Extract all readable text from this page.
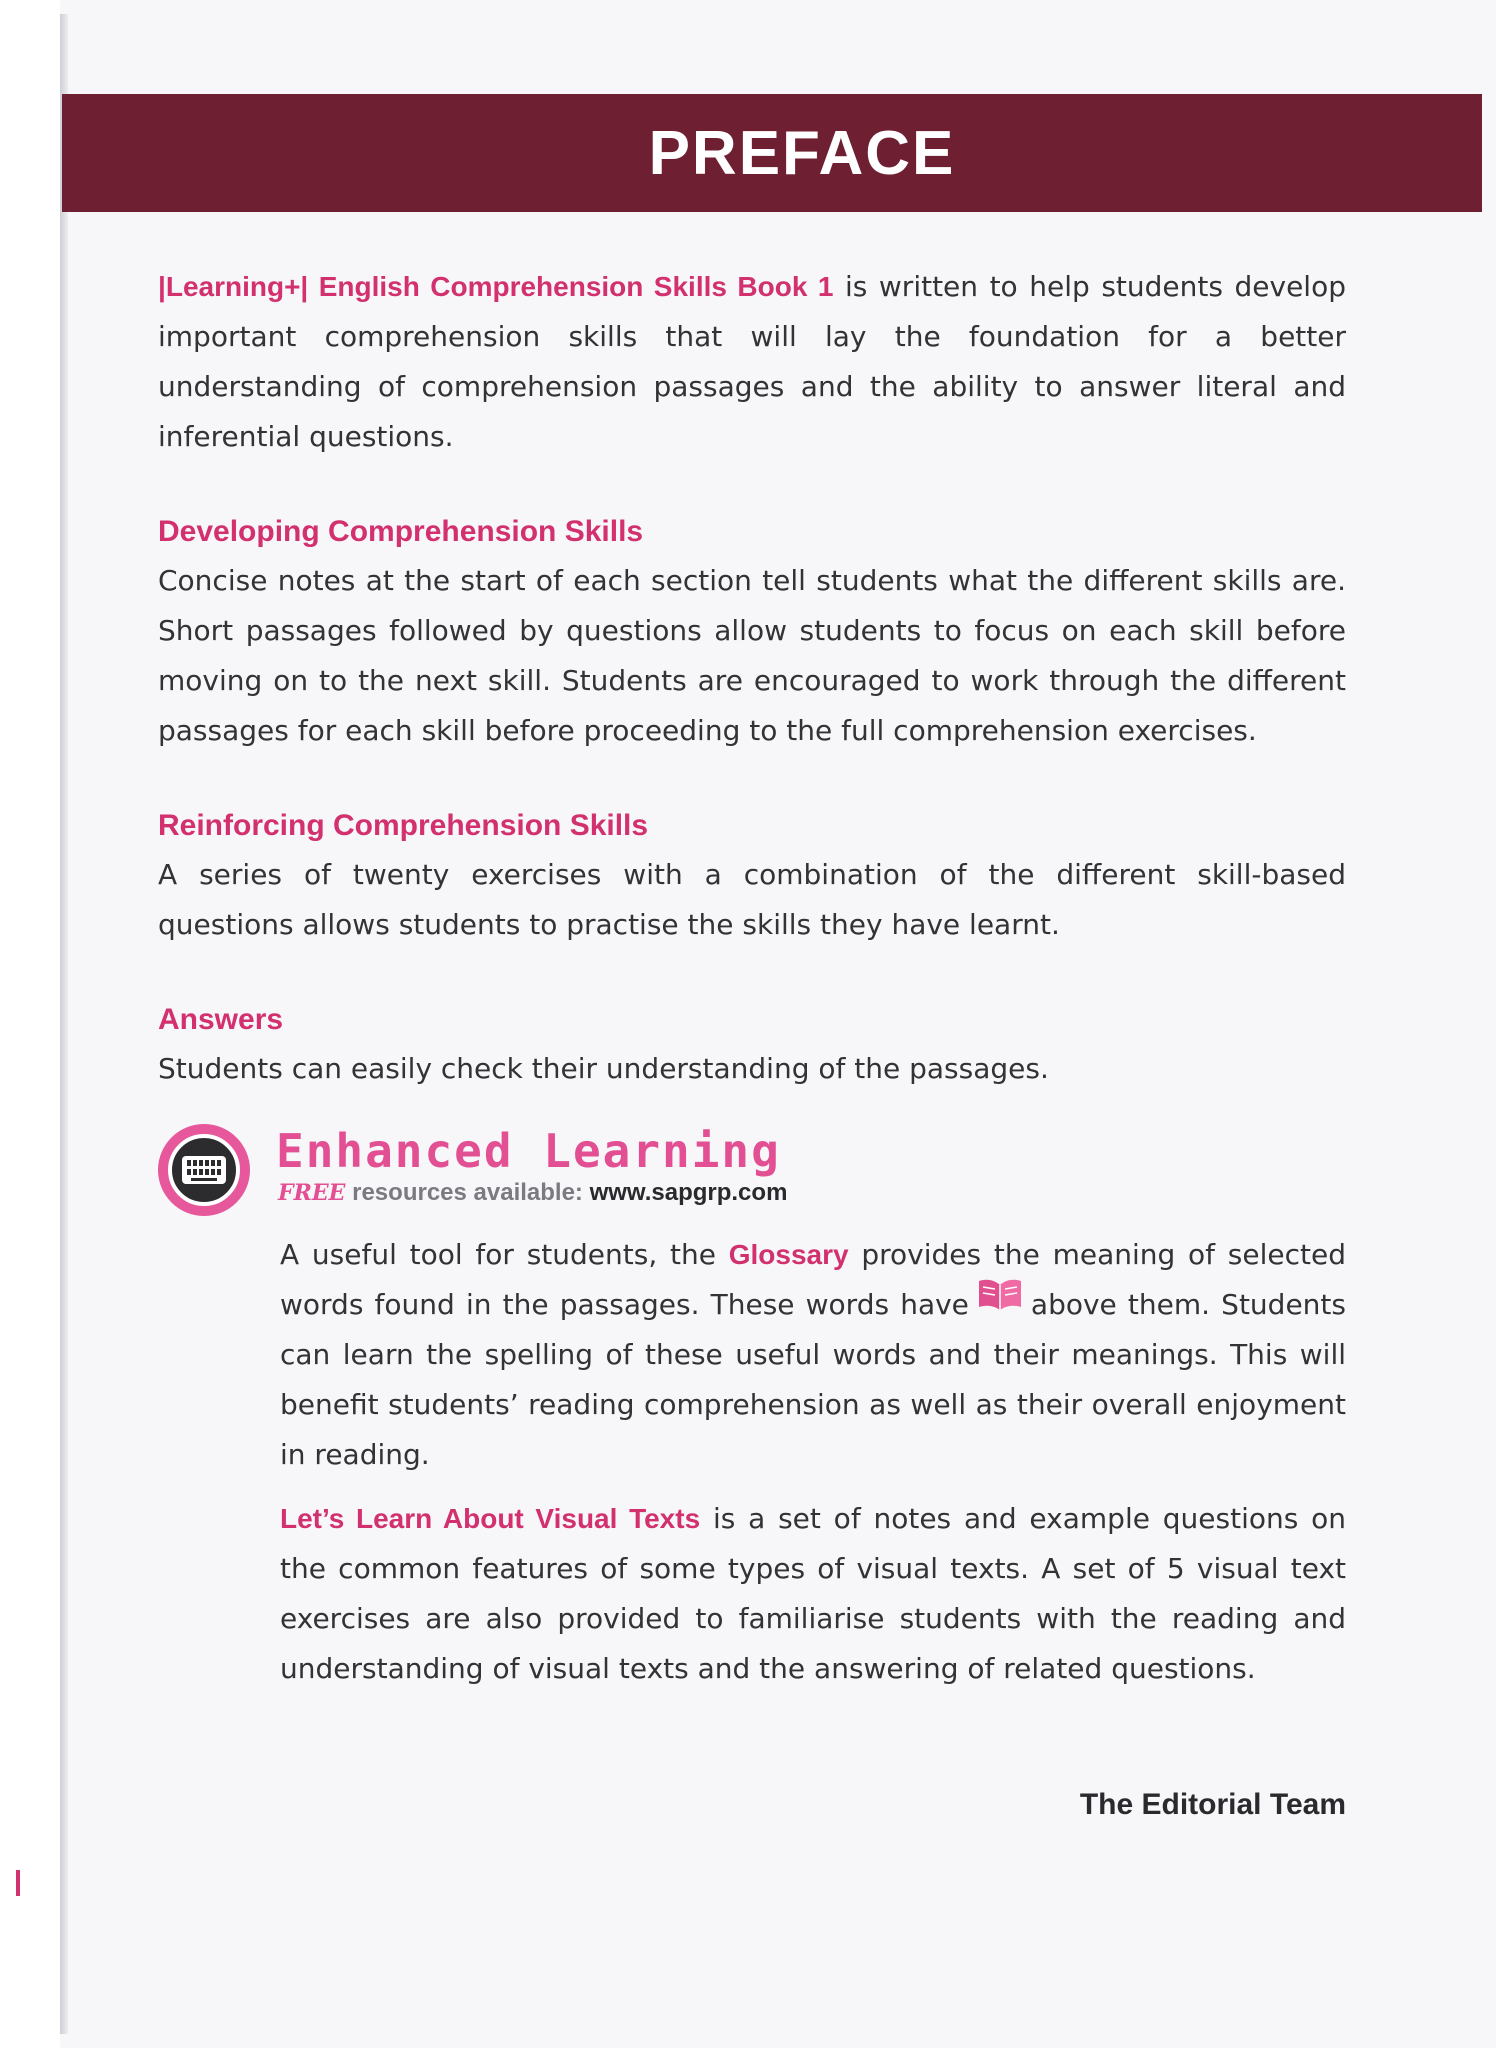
PREFACE

|Learning+| English Comprehension Skills Book 1 is written to help students develop important comprehension skills that will lay the foundation for a better understanding of comprehension passages and the ability to answer literal and inferential questions.

Developing Comprehension Skills

Concise notes at the start of each section tell students what the different skills are. Short passages followed by questions allow students to focus on each skill before moving on to the next skill. Students are encouraged to work through the different passages for each skill before proceeding to the full comprehension exercises.

Reinforcing Comprehension Skills

A series of twenty exercises with a combination of the different skill-based questions allows students to practise the skills they have learnt.

Answers

Students can easily check their understanding of the passages.

Enhanced Learning
FREE resources available: www.sapgrp.com

A useful tool for students, the Glossary provides the meaning of selected words found in the passages. These words have above them. Students can learn the spelling of these useful words and their meanings. This will benefit students’ reading comprehension as well as their overall enjoyment in reading.

Let’s Learn About Visual Texts is a set of notes and example questions on the common features of some types of visual texts. A set of 5 visual text exercises are also provided to familiarise students with the reading and understanding of visual texts and the answering of related questions.

The Editorial Team
